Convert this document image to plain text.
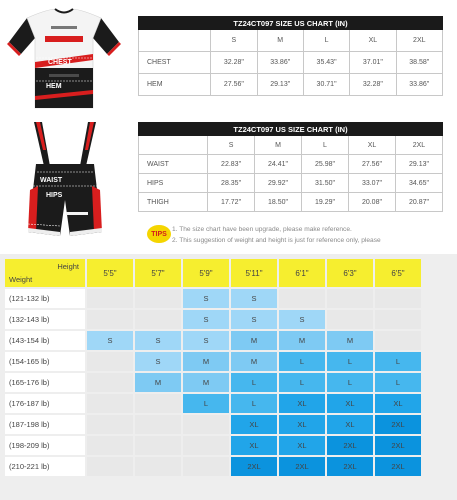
CHEST
HEM
WAIST
HIPS
THIGH
TZ24CT097 SIZE US CHART (IN)					
	S	M	L	XL	2XL
CHEST	32.28"	33.86"	35.43"	37.01"	38.58"
HEM	27.56"	29.13"	30.71"	32.28"	33.86"
TZ24CT097 US SIZE CHART (IN)					
	S	M	L	XL	2XL
WAIST	22.83"	24.41"	25.98"	27.56"	29.13"
HIPS	28.35"	29.92"	31.50"	33.07"	34.65"
THIGH	17.72"	18.50"	19.29"	20.08"	20.87"
TIPS
1. The size chart have been upgrade, please make reference.
2. This suggestion of weight and height is just for reference only, please
Height
Weight	5'5"	5'7"	5'9"	5'11"	6'1"	6'3"	6'5"
(121-132 lb)			S	S			
(132-143 lb)			S	S	S		
(143-154 lb)	S	S	S	M	M	M	
(154-165 lb)		S	M	M	L	L	L
(165-176 lb)		M	M	L	L	L	L
(176-187 lb)			L	L	XL	XL	XL
(187-198 lb)				XL	XL	XL	2XL
(198-209 lb)				XL	XL	2XL	2XL
(210-221 lb)				2XL	2XL	2XL	2XL
